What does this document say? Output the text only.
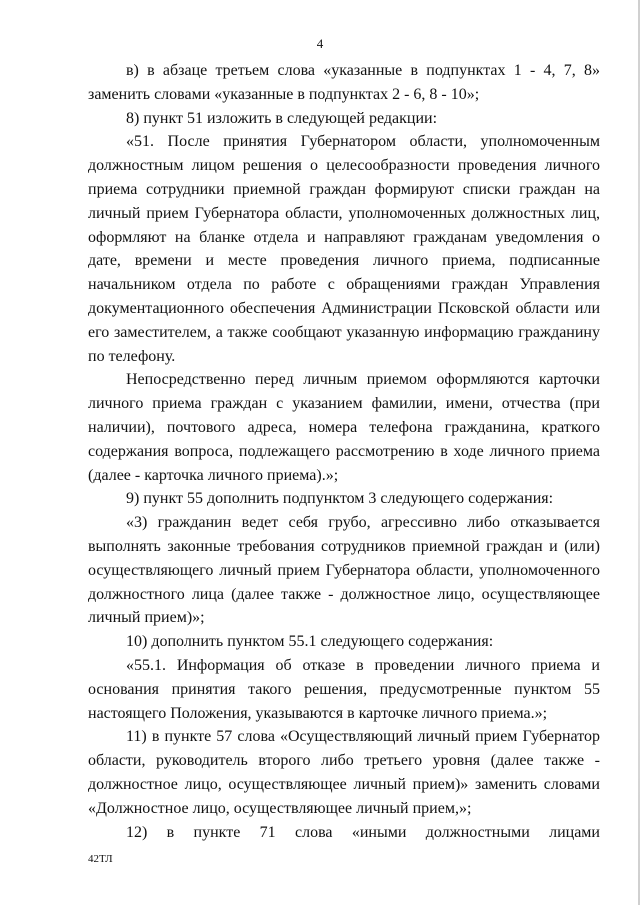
4

в) в абзаце третьем слова «указанные в подпунктах 1 - 4, 7, 8» заменить словами «указанные в подпунктах 2 - 6, 8 - 10»;

8) пункт 51 изложить в следующей редакции:

«51. После принятия Губернатором области, уполномоченным должностным лицом решения о целесообразности проведения личного приема сотрудники приемной граждан формируют списки граждан на личный прием Губернатора области, уполномоченных должностных лиц, оформляют на бланке отдела и направляют гражданам уведомления о дате, времени и месте проведения личного приема, подписанные начальником отдела по работе с обращениями граждан Управления документационного обеспечения Администрации Псковской области или его заместителем, а также сообщают указанную информацию гражданину по телефону.

Непосредственно перед личным приемом оформляются карточки личного приема граждан с указанием фамилии, имени, отчества (при наличии), почтового адреса, номера телефона гражданина, краткого содержания вопроса, подлежащего рассмотрению в ходе личного приема (далее - карточка личного приема).»;

9) пункт 55 дополнить подпунктом 3 следующего содержания:

«3) гражданин ведет себя грубо, агрессивно либо отказывается выполнять законные требования сотрудников приемной граждан и (или) осуществляющего личный прием Губернатора области, уполномоченного должностного лица (далее также - должностное лицо, осуществляющее личный прием)»;

10) дополнить пунктом 55.1 следующего содержания:

«55.1. Информация об отказе в проведении личного приема и основания принятия такого решения, предусмотренные пунктом 55 настоящего Положения, указываются в карточке личного приема.»;

11) в пункте 57 слова «Осуществляющий личный прием Губернатор области, руководитель второго либо третьего уровня (далее также - должностное лицо, осуществляющее личный прием)» заменить словами «Должностное лицо, осуществляющее личный прием,»;

12) в пункте 71 слова «иными должностными лицами

42ТЛ
